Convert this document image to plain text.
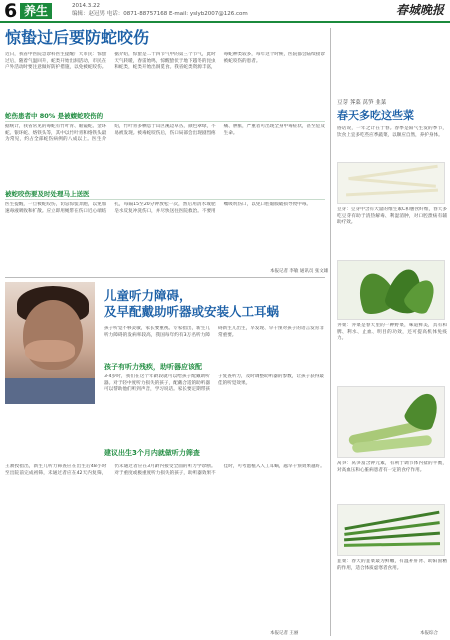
6 养生	2014.3.22
编辑：赵冠男 电话：0871-88757168 E-mail: yslyb2007@126.com	春城晚报
惊蛰过后要防蛇咬伤
近日，我省中医院急诊科医生提醒广大市民：惊蛰过后，随着气温回升，蛇类开始出洞活动，市民在户外活动时要注意做好防护措施，以免被蛇咬伤。据介绍，惊蛰是二十四节气中的第三个节气，此时天气转暖，春雷始鸣，惊醒蛰伏于地下越冬的昆虫和蛇类，蛇类开始出洞觅食。我省蛇类资源丰富，毒蛇种类较多，每年这个时候，医院都会陆续接诊被蛇咬伤的患者。
蛇伤患者中 80% 是被蝮蛇咬伤的
据统计，我省常见的毒蛇有竹叶青、眼镜蛇、金环蛇、银环蛇、烙铁头等，其中以竹叶青和烙铁头最为常见，约占全部蛇伤病例的八成以上。医生介绍，竹叶青多栖息于山区溪边草丛，颜色翠绿，不易被发现。被毒蛇咬伤后，伤口局部会出现剧烈疼痛、肿胀，严重者可出现全身中毒症状，甚至危及生命。
被蛇咬伤要及时处理马上送医
医生提醒，一旦被蛇咬伤，切忌惊慌奔跑，以免加速毒液吸收和扩散。应立即用绳带在伤口近心端结扎，每隔15至20分钟放松一次，然后用清水或肥皂水反复冲洗伤口，并尽快送往医院救治。不要用嘴吸吮伤口，以免口腔黏膜破损导致中毒。
本报记者 李敏 通讯员 张文雄
儿童听力障碍，
及早配戴助听器或安装人工耳蜗
孩子听觉不够灵敏，家长要重视。专家指出，新生儿听力障碍的发病率较高，我国每年约有3万名听力障碍新生儿出生，早发现、早干预对孩子的语言发育非常重要。
孩子有听力残疾，助听器应该配
3-4岁时，我们在这个年龄段就可以给孩子配戴助听器。对于轻中度听力损失的孩子，配戴合适的助听器可以帮助他们听到声音，学习说话。家长要定期带孩子复查听力，及时调整助听器的参数，让孩子获得最佳的听觉效果。
建议出生3个月内就做听力筛查
王教授指出，新生儿听力筛查应在出生后48小时至出院前完成初筛，未通过者应在42天内复筛，仍未通过者应在3月龄内接受全面的听力学诊断。对于重度或极重度听力损失的孩子，助听器效果不佳时，可考虑植入人工耳蜗，越早干预效果越好。
本报记者 王丽
豆芽 荠菜 莴笋 韭菜
春天多吃这些菜
俗话说，一年之计在于春。春季是阳气生发的季节，饮食上宜多吃些应季蔬菜，以顺应自然，养护身体。
豆芽：豆芽中含有大量的维生素C和膳食纤维，春天多吃豆芽有助于清热解毒、利湿消肿，对口腔溃疡有辅助疗效。
荠菜：荠菜是春天里的一种野菜，味道鲜美，具有和脾、利水、止血、明目的功效，还可提高机体免疫力。
莴笋：莴笋富含钾元素，有利于调节体内盐的平衡，对高血压和心脏病患者有一定的食疗作用。
韭菜：春天的韭菜最为鲜嫩，有温补肝肾、助阳固精的作用，适合体质虚寒者食用。
本报综合
